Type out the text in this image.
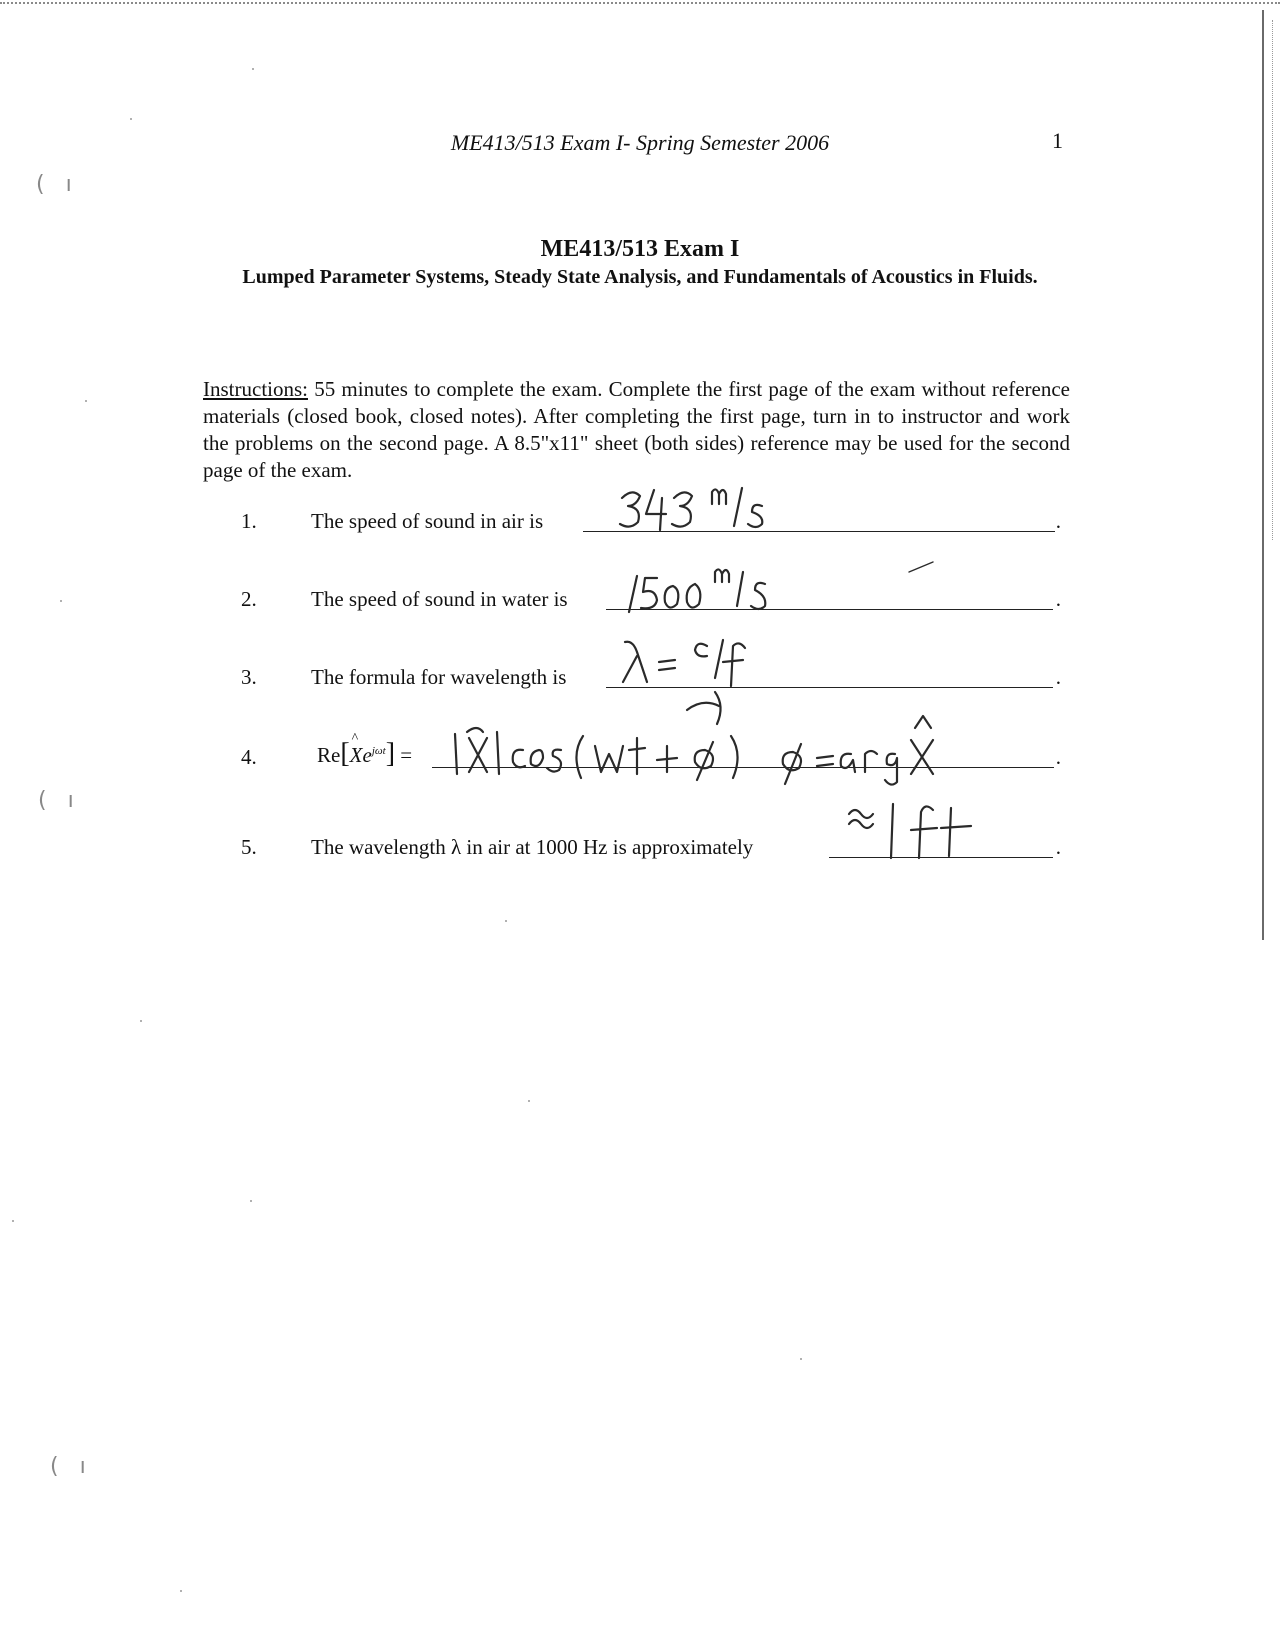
(   ı
(   ı
(   ı
ME413/513 Exam I- Spring Semester 2006	1
ME413/513 Exam I
Lumped Parameter Systems, Steady State Analysis, and Fundamentals of Acoustics in Fluids.
Instructions: 55 minutes to complete the exam. Complete the first page of the exam without reference materials (closed book, closed notes). After completing the first page, turn in to instructor and work the problems on the second page. A 8.5"x11" sheet (both sides) reference may be used for the second page of the exam.
1.	The speed of sound in air is	.
2.	The speed of sound in water is	.
3.	The formula for wavelength is	.
4.	Re[^ $Xe^{j\omega t}$] =	.
5.	The wavelength λ in air at 1000 Hz is approximately	.
